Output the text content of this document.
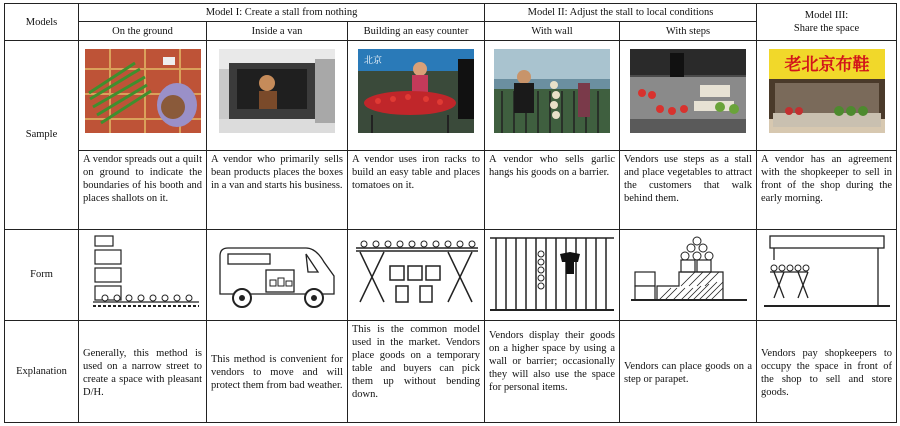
Models	Model I: Create a stall from nothing			Model II: Adjust the stall to local conditions		Model III:
Share the space

	On the ground	Inside a van	Building an easy counter	With wall	With steps	
Sample			北京			老北京布鞋

	A vendor spreads out a quilt on ground to indicate the boundaries of his booth and places shallots on it.	A vendor who primarily sells bean products places the boxes in a van and starts his business.	A vendor uses iron racks to build an easy table and places tomatoes on it.	A vendor who sells garlic hangs his goods on a barrier.	Vendors use steps as a stall and place vegetables to attract the customers that walk behind them.	A vendor has an agreement with the shopkeeper to sell in front of the shop during the early morning.
Form	

Explanation	Generally, this method is used on a narrow street to create a space with pleasant D/H.	This method is convenient for vendors to move and will protect them from bad weather.	This is the common model used in the market. Vendors place goods on a temporary table and buyers can pick them up without bending down.	Vendors display their goods on a higher space by using a wall or barrier; occasionally they will also use the space for personal items.	Vendors can place goods on a step or parapet.	Vendors pay shopkeepers to occupy the space in front of the shop to sell and store goods.
